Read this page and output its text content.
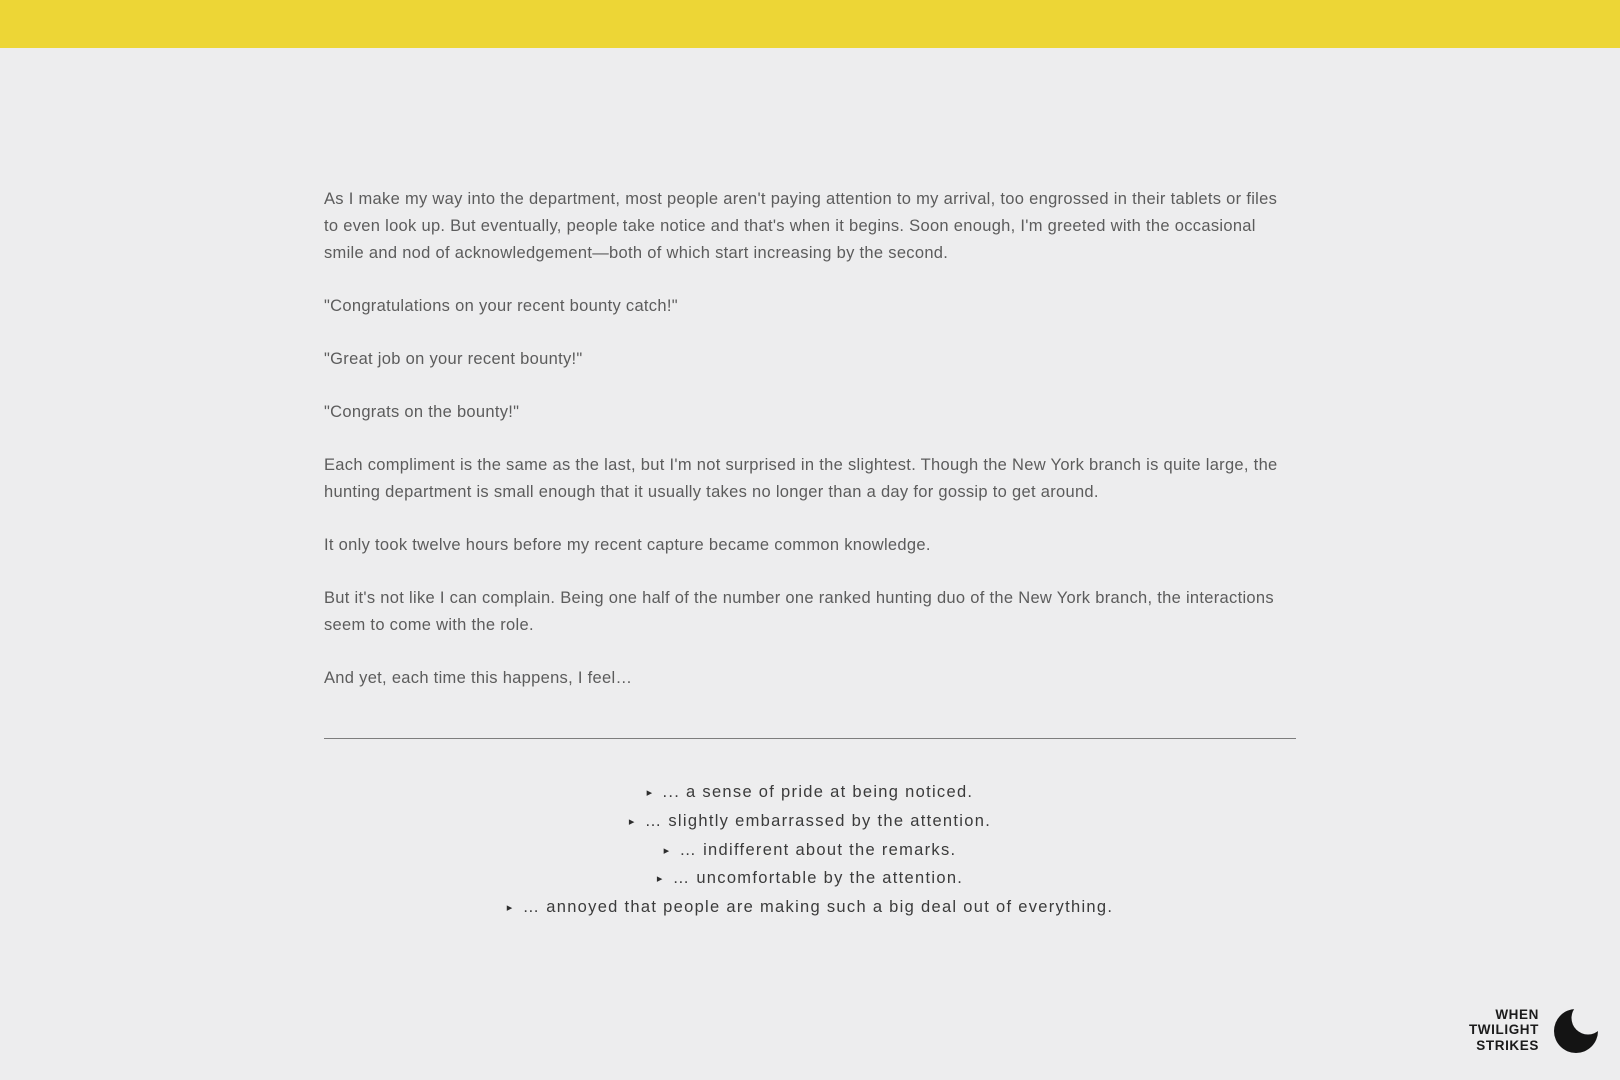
As I make my way into the department, most people aren't paying attention to my arrival, too engrossed in their tablets or files to even look up. But eventually, people take notice and that's when it begins. Soon enough, I'm greeted with the occasional smile and nod of acknowledgement—both of which start increasing by the second.

"Congratulations on your recent bounty catch!"

"Great job on your recent bounty!"

"Congrats on the bounty!"

Each compliment is the same as the last, but I'm not surprised in the slightest. Though the New York branch is quite large, the hunting department is small enough that it usually takes no longer than a day for gossip to get around.

It only took twelve hours before my recent capture became common knowledge.

But it's not like I can complain. Being one half of the number one ranked hunting duo of the New York branch, the interactions seem to come with the role.

And yet, each time this happens, I feel…

▸ ... a sense of pride at being noticed.

▸ … slightly embarrassed by the attention.

▸ … indifferent about the remarks.

▸ … uncomfortable by the attention.

▸ … annoyed that people are making such a big deal out of everything.

WHEN
TWILIGHT
STRIKES
